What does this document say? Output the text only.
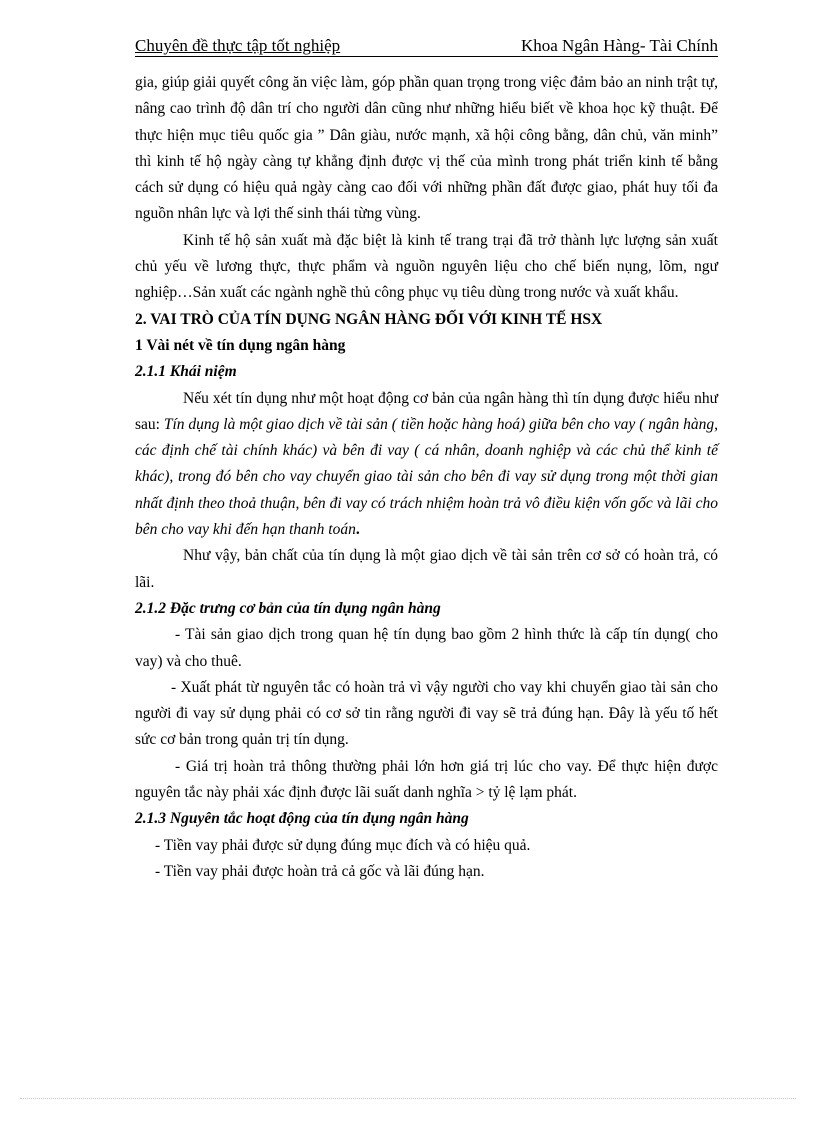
Chuyên đề thực tập tốt nghiệp	Khoa Ngân Hàng- Tài Chính

gia, giúp giải quyết công ăn việc làm, góp phần quan trọng trong việc đảm bảo an ninh trật tự, nâng cao trình độ dân trí cho người dân cũng như những hiểu biết về khoa học kỹ thuật. Để thực hiện mục tiêu quốc gia ” Dân giàu, nước mạnh, xã hội công bằng, dân chủ, văn minh” thì kinh tế hộ ngày càng tự khẳng định được vị thế của mình trong phát triển kinh tế bằng cách sử dụng có hiệu quả ngày càng cao đối với những phần đất được giao, phát huy tối đa nguồn nhân lực và lợi thế sinh thái từng vùng.

Kinh tế hộ sản xuất mà đặc biệt là kinh tế trang trại đã trở thành lực lượng sản xuất chủ yếu về lương thực, thực phẩm và nguồn nguyên liệu cho chế biến nụng, lõm, ngư nghiệp…Sản xuất các ngành nghề thủ công phục vụ tiêu dùng trong nước và xuất khẩu.

2. VAI TRÒ CỦA TÍN DỤNG NGÂN HÀNG ĐỐI VỚI KINH TẾ HSX

1 Vài nét về tín dụng ngân hàng

2.1.1 Khái niệm

Nếu xét tín dụng như một hoạt động cơ bản của ngân hàng thì tín dụng được hiểu như sau: Tín dụng là một giao dịch về tài sản ( tiền hoặc hàng hoá) giữa bên cho vay ( ngân hàng, các định chế tài chính khác) và bên đi vay ( cá nhân, doanh nghiệp và các chủ thể kinh tế khác), trong đó bên cho vay chuyển giao tài sản cho bên đi vay sử dụng trong một thời gian nhất định theo thoả thuận, bên đi vay có trách nhiệm hoàn trả vô điều kiện vốn gốc và lãi cho bên cho vay khi đến hạn thanh toán.

Như vậy, bản chất của tín dụng là một giao dịch về tài sản trên cơ sở có hoàn trả, có lãi.

2.1.2 Đặc trưng cơ bản của tín dụng ngân hàng

- Tài sản giao dịch trong quan hệ tín dụng bao gồm 2 hình thức là cấp tín dụng( cho vay) và cho thuê.

- Xuất phát từ nguyên tắc có hoàn trả vì vậy người cho vay khi chuyển giao tài sản cho người đi vay sử dụng phải có cơ sở tin rằng người đi vay sẽ trả đúng hạn. Đây là yếu tố hết sức cơ bản trong quản trị tín dụng.

- Giá trị hoàn trả thông thường phải lớn hơn giá trị lúc cho vay. Để thực hiện được nguyên tắc này phải xác định được lãi suất danh nghĩa > tỷ lệ lạm phát.

2.1.3 Nguyên tắc hoạt động của tín dụng ngân hàng

- Tiền vay phải được sử dụng đúng mục đích và có hiệu quả.

- Tiền vay phải được hoàn trả cả gốc và lãi đúng hạn.
